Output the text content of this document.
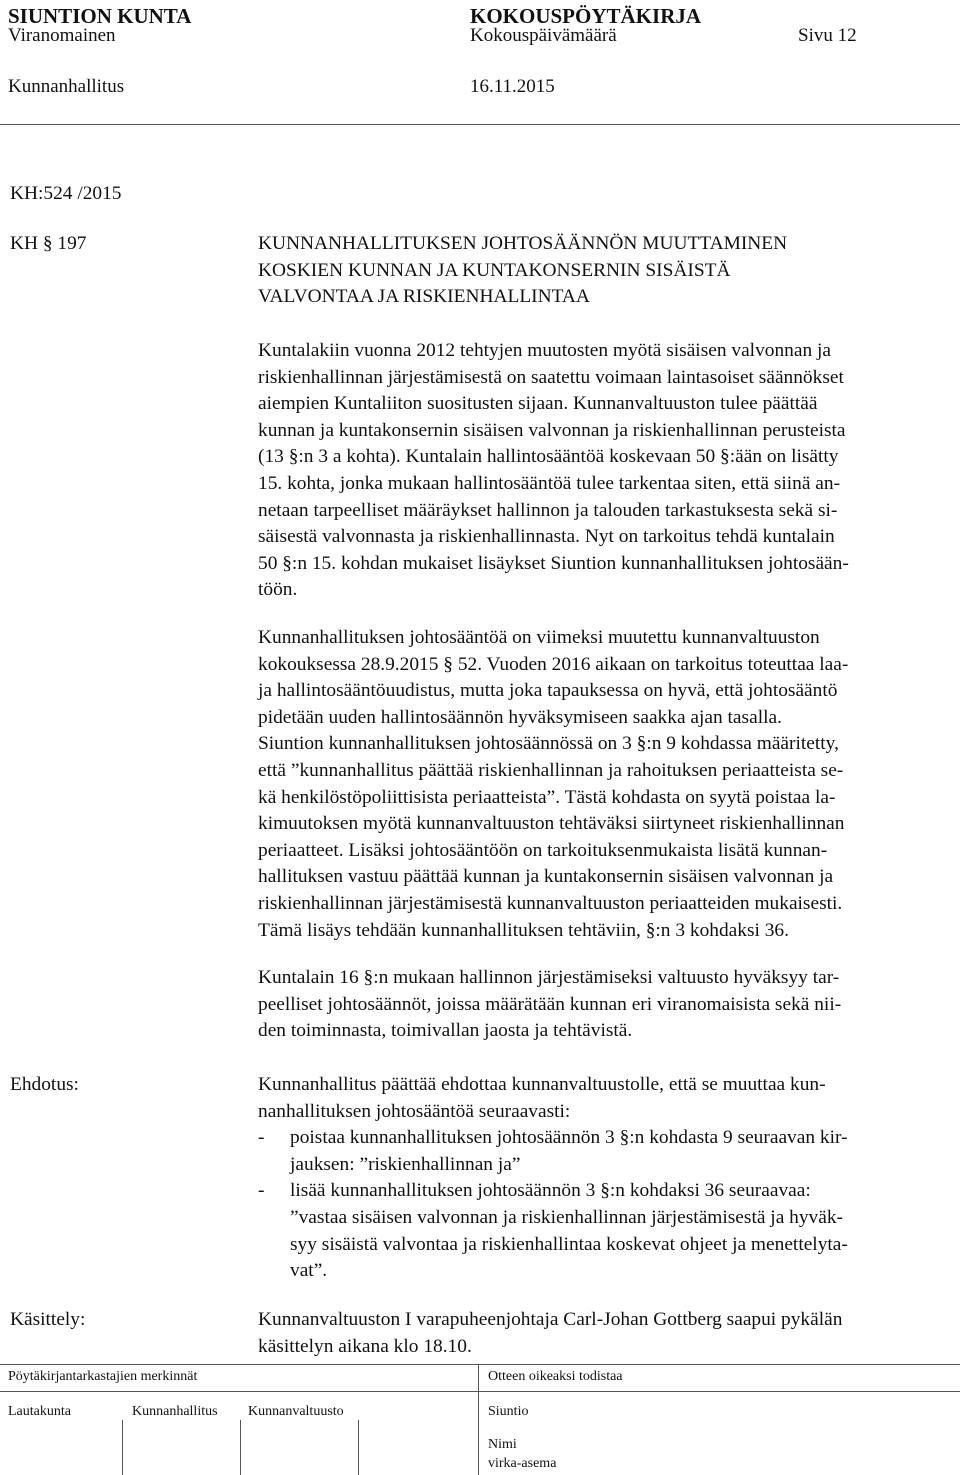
SIUNTION KUNTA	KOKOUSPÖYTÄKIRJA
Viranomainen	Kokouspäivämäärä	Sivu 12
Kunnanhallitus	16.11.2015
KH:524 /2015
KH § 197	KUNNANHALLITUKSEN JOHTOSÄÄNNÖN MUUTTAMINEN
KOSKIEN KUNNAN JA KUNTAKONSERNIN SISÄISTÄ
VALVONTAA JA RISKIENHALLINTAA
Kuntalakiin vuonna 2012 tehtyjen muutosten myötä sisäisen valvonnan ja
riskienhallinnan järjestämisestä on saatettu voimaan laintasoiset säännökset
aiempien Kuntaliiton suositusten sijaan. Kunnanvaltuuston tulee päättää
kunnan ja kuntakonsernin sisäisen valvonnan ja riskienhallinnan perusteista
(13 §:n 3 a kohta). Kuntalain hallintosääntöä koskevaan 50 §:ään on lisätty
15. kohta, jonka mukaan hallintosääntöä tulee tarkentaa siten, että siinä an-
netaan tarpeelliset määräykset hallinnon ja talouden tarkastuksesta sekä si-
säisestä valvonnasta ja riskienhallinnasta. Nyt on tarkoitus tehdä kuntalain
50 §:n 15. kohdan mukaiset lisäykset Siuntion kunnanhallituksen johtosään-
töön.
Kunnanhallituksen johtosääntöä on viimeksi muutettu kunnanvaltuuston
kokouksessa 28.9.2015 § 52. Vuoden 2016 aikaan on tarkoitus toteuttaa laa-
ja hallintosääntöuudistus, mutta joka tapauksessa on hyvä, että johtosääntö
pidetään uuden hallintosäännön hyväksymiseen saakka ajan tasalla.
Siuntion kunnanhallituksen johtosäännössä on 3 §:n 9 kohdassa määritetty,
että ”kunnanhallitus päättää riskienhallinnan ja rahoituksen periaatteista se-
kä henkilöstöpoliittisista periaatteista”. Tästä kohdasta on syytä poistaa la-
kimuutoksen myötä kunnanvaltuuston tehtäväksi siirtyneet riskienhallinnan
periaatteet. Lisäksi johtosääntöön on tarkoituksenmukaista lisätä kunnan-
hallituksen vastuu päättää kunnan ja kuntakonsernin sisäisen valvonnan ja
riskienhallinnan järjestämisestä kunnanvaltuuston periaatteiden mukaisesti.
Tämä lisäys tehdään kunnanhallituksen tehtäviin, §:n 3 kohdaksi 36.
Kuntalain 16 §:n mukaan hallinnon järjestämiseksi valtuusto hyväksyy tar-
peelliset johtosäännöt, joissa määrätään kunnan eri viranomaisista sekä nii-
den toiminnasta, toimivallan jaosta ja tehtävistä.
Ehdotus:	Kunnanhallitus päättää ehdottaa kunnanvaltuustolle, että se muuttaa kun-
nanhallituksen johtosääntöä seuraavasti:
- poistaa kunnanhallituksen johtosäännön 3 §:n kohdasta 9 seuraavan kir-
jauksen: ”riskienhallinnan ja”
- lisää kunnanhallituksen johtosäännön 3 §:n kohdaksi 36 seuraavaa:
”vastaa sisäisen valvonnan ja riskienhallinnan järjestämisestä ja hyväk-
syy sisäistä valvontaa ja riskienhallintaa koskevat ohjeet ja menettelyta-
vat”.
Käsittely:	Kunnanvaltuuston I varapuheenjohtaja Carl-Johan Gottberg saapui pykälän
käsittelyn aikana klo 18.10.
Pöytäkirjantarkastajien merkinnät	Otteen oikeaksi todistaa
Lautakunta	Kunnanhallitus Kunnanvaltuusto	Siuntio
Nimi
virka-asema
